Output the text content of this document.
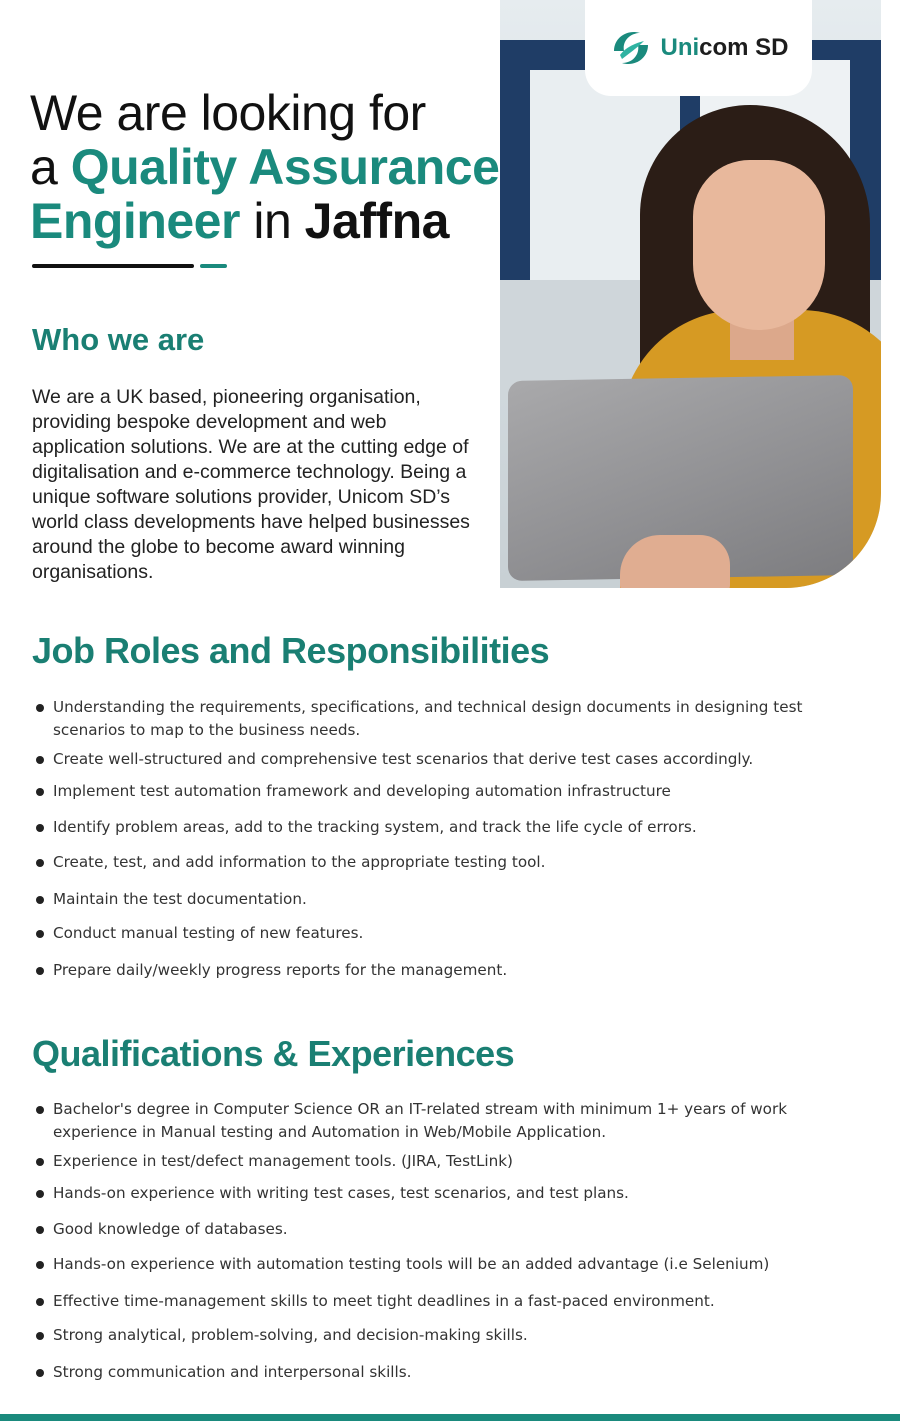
We are looking for
a Quality Assurance
Engineer in Jaffna
Who we are

We are a UK based, pioneering organisation, providing bespoke development and web application solutions. We are at the cutting edge of digitalisation and e-commerce technology. Being a unique software solutions provider, Unicom SD’s world class developments have helped businesses around the globe to become award winning organisations.

Unicom SD
Job Roles and Responsibilities
Understanding the requirements, specifications, and technical design documents in designing test scenarios to map to the business needs.
Create well-structured and comprehensive test scenarios that derive test cases accordingly.
Implement test automation framework and developing automation infrastructure
Identify problem areas, add to the tracking system, and track the life cycle of errors.
Create, test, and add information to the appropriate testing tool.
Maintain the test documentation.
Conduct manual testing of new features.
Prepare daily/weekly progress reports for the management.
Qualifications & Experiences
Bachelor's degree in Computer Science OR an IT-related stream with minimum 1+ years of work experience in Manual testing and Automation in Web/Mobile Application.
Experience in test/defect management tools. (JIRA, TestLink)
Hands-on experience with writing test cases, test scenarios, and test plans.
Good knowledge of databases.
Hands-on experience with automation testing tools will be an added advantage (i.e Selenium)
Effective time-management skills to meet tight deadlines in a fast-paced environment.
Strong analytical, problem-solving, and decision-making skills.
Strong communication and interpersonal skills.
